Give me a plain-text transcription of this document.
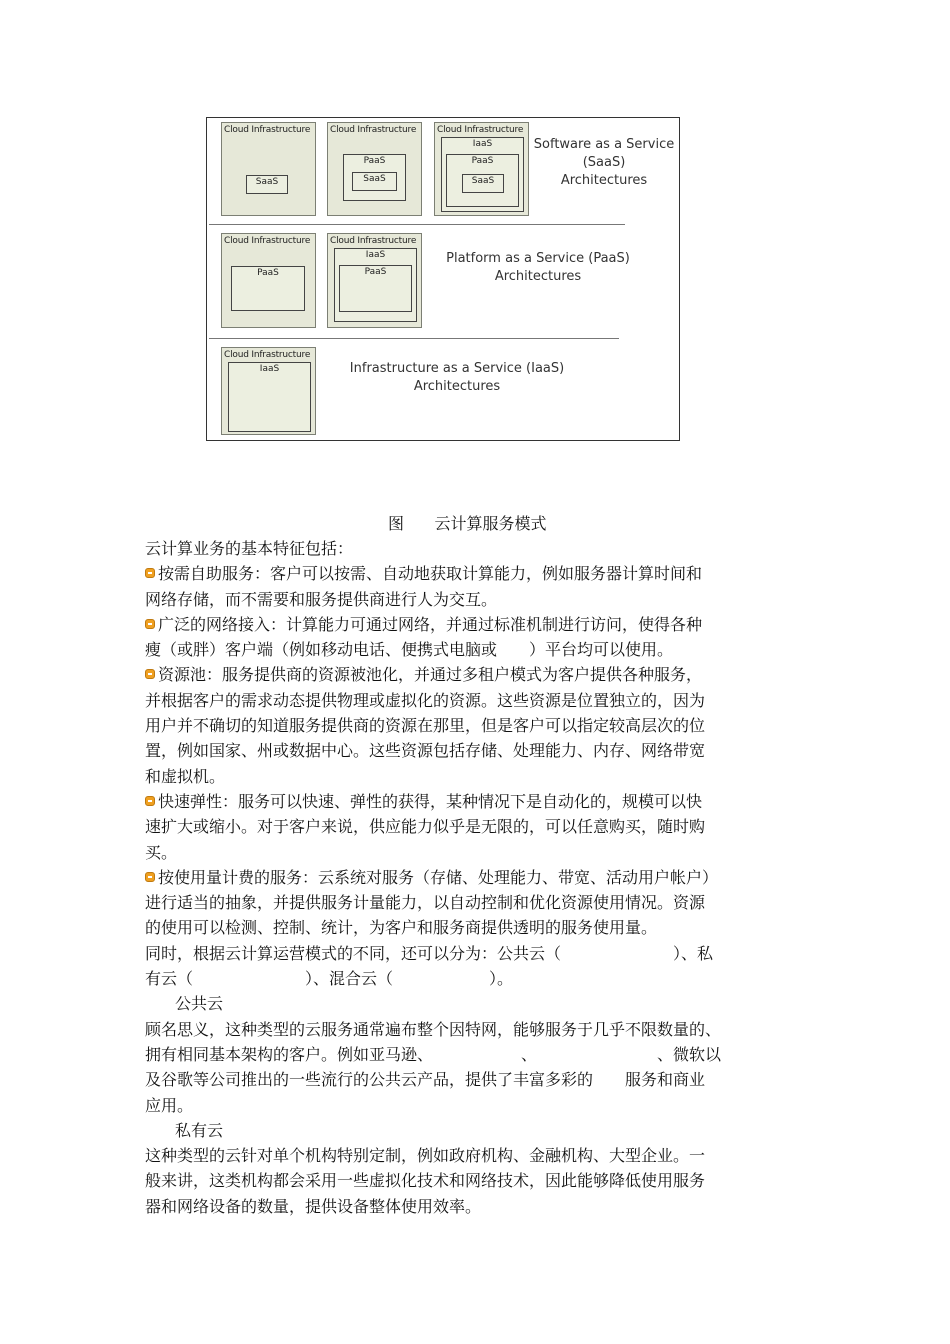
Cloud Infrastructure
SaaS
Cloud Infrastructure
PaaS
SaaS
Cloud Infrastructure
IaaS
PaaS
SaaS
Software as a Service
(SaaS)
Architectures
Cloud Infrastructure
PaaS
Cloud Infrastructure
IaaS
PaaS
Platform as a Service (PaaS)
Architectures
Cloud Infrastructure
IaaS	Infrastructure as a Service (IaaS)
Architectures
图 云计算服务模式

云计算业务的基本特征包括：

按需自助服务：客户可以按需、自动地获取计算能力，例如服务器计算时间和
网络存储，而不需要和服务提供商进行人为交互。

广泛的网络接入：计算能力可通过网络，并通过标准机制进行访问，使得各种
瘦（或胖）客户端（例如移动电话、便携式电脑或　　）平台均可以使用。

资源池：服务提供商的资源被池化，并通过多租户模式为客户提供各种服务，
并根据客户的需求动态提供物理或虚拟化的资源。这些资源是位置独立的，因为
用户并不确切的知道服务提供商的资源在那里，但是客户可以指定较高层次的位
置，例如国家、州或数据中心。这些资源包括存储、处理能力、内存、网络带宽
和虚拟机。

快速弹性：服务可以快速、弹性的获得，某种情况下是自动化的，规模可以快
速扩大或缩小。对于客户来说，供应能力似乎是无限的，可以任意购买，随时购
买。

按使用量计费的服务：云系统对服务（存储、处理能力、带宽、活动用户帐户）
进行适当的抽象，并提供服务计量能力，以自动控制和优化资源使用情况。资源
的使用可以检测、控制、统计，为客户和服务商提供透明的服务使用量。

同时，根据云计算运营模式的不同，还可以分为：公共云（　　　　　　　）、私
有云（　　　　　　　）、混合云（　　　　　　）。

公共云

顾名思义，这种类型的云服务通常遍布整个因特网，能够服务于几乎不限数量的、
拥有相同基本架构的客户。例如亚马逊、　　　　　　、　　　　　　　　、微软以
及谷歌等公司推出的一些流行的公共云产品，提供了丰富多彩的　　服务和商业
应用。

私有云

这种类型的云针对单个机构特别定制，例如政府机构、金融机构、大型企业。一
般来讲，这类机构都会采用一些虚拟化技术和网络技术，因此能够降低使用服务
器和网络设备的数量，提供设备整体使用效率。
